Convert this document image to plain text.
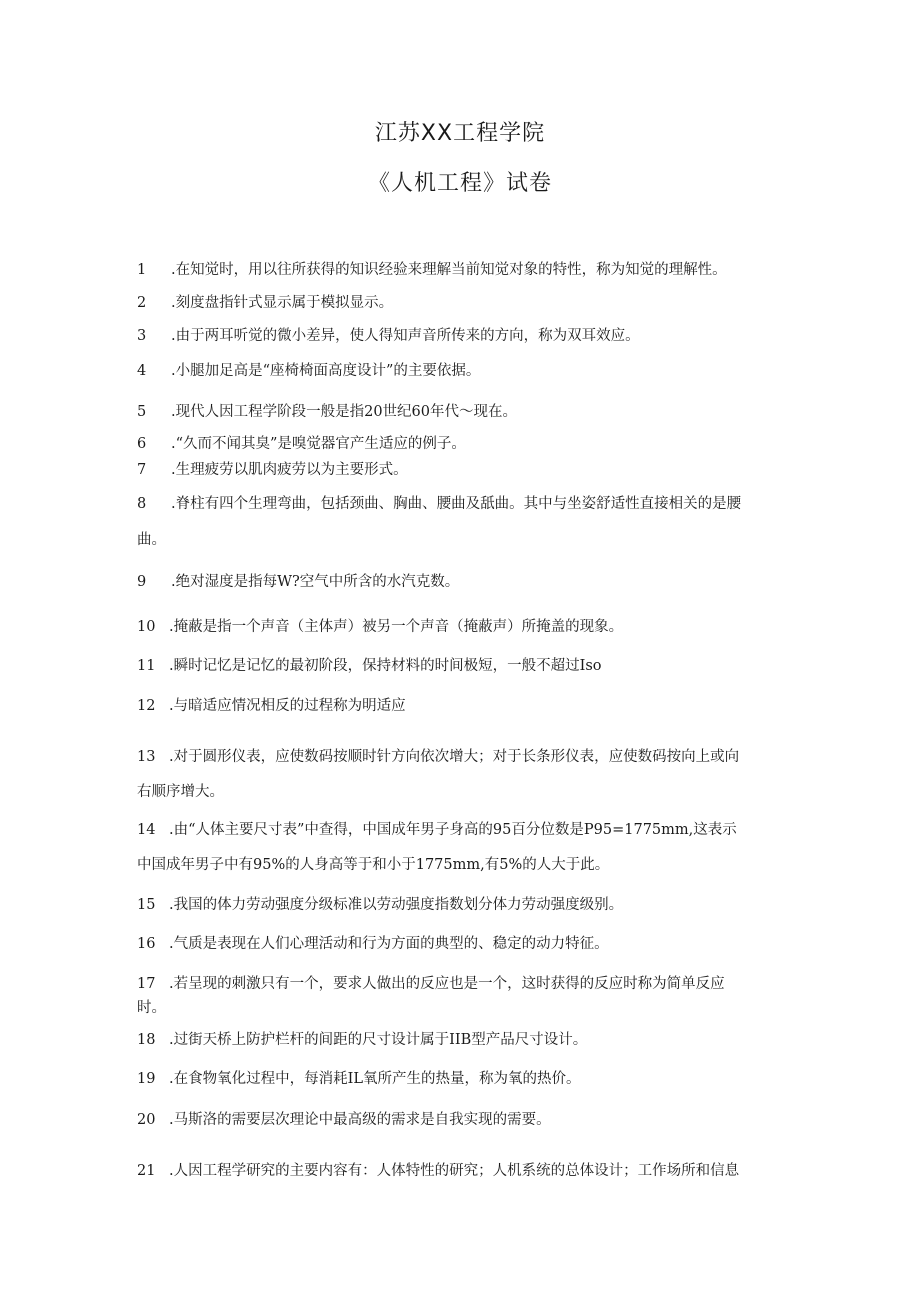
江苏XX工程学院
《人机工程》试卷
1 .在知觉时，用以往所获得的知识经验来理解当前知觉对象的特性，称为知觉的理解性。
2 .刻度盘指针式显示属于模拟显示。
3 .由于两耳听觉的微小差异，使人得知声音所传来的方向，称为双耳效应。
4 .小腿加足高是“座椅椅面高度设计”的主要依据。
5 .现代人因工程学阶段一般是指20世纪60年代～现在。
6 .“久而不闻其臭”是嗅觉器官产生适应的例子。
7 .生理疲劳以肌肉疲劳以为主要形式。
8 .脊柱有四个生理弯曲，包括颈曲、胸曲、腰曲及舐曲。其中与坐姿舒适性直接相关的是腰
曲。
9 .绝对湿度是指每W?空气中所含的水汽克数。
10 .掩蔽是指一个声音（主体声）被另一个声音（掩蔽声）所掩盖的现象。
11 .瞬时记忆是记忆的最初阶段，保持材料的时间极短，一般不超过Iso
12 .与暗适应情况相反的过程称为明适应
13 .对于圆形仪表，应使数码按顺时针方向依次增大；对于长条形仪表，应使数码按向上或向
右顺序增大。
14 .由“人体主要尺寸表”中查得，中国成年男子身高的95百分位数是P95=1775mm,这表示
中国成年男子中有95%的人身高等于和小于1775mm,有5%的人大于此。
15 .我国的体力劳动强度分级标准以劳动强度指数划分体力劳动强度级别。
16 .气质是表现在人们心理活动和行为方面的典型的、稳定的动力特征。
17 .若呈现的刺激只有一个，要求人做出的反应也是一个，这时获得的反应时称为简单反应
时。
18 .过街天桥上防护栏杆的间距的尺寸设计属于IIB型产品尺寸设计。
19 .在食物氧化过程中，每消耗IL氧所产生的热量，称为氧的热价。
20 .马斯洛的需要层次理论中最高级的需求是自我实现的需要。
21 .人因工程学研究的主要内容有：人体特性的研究；人机系统的总体设计；工作场所和信息
